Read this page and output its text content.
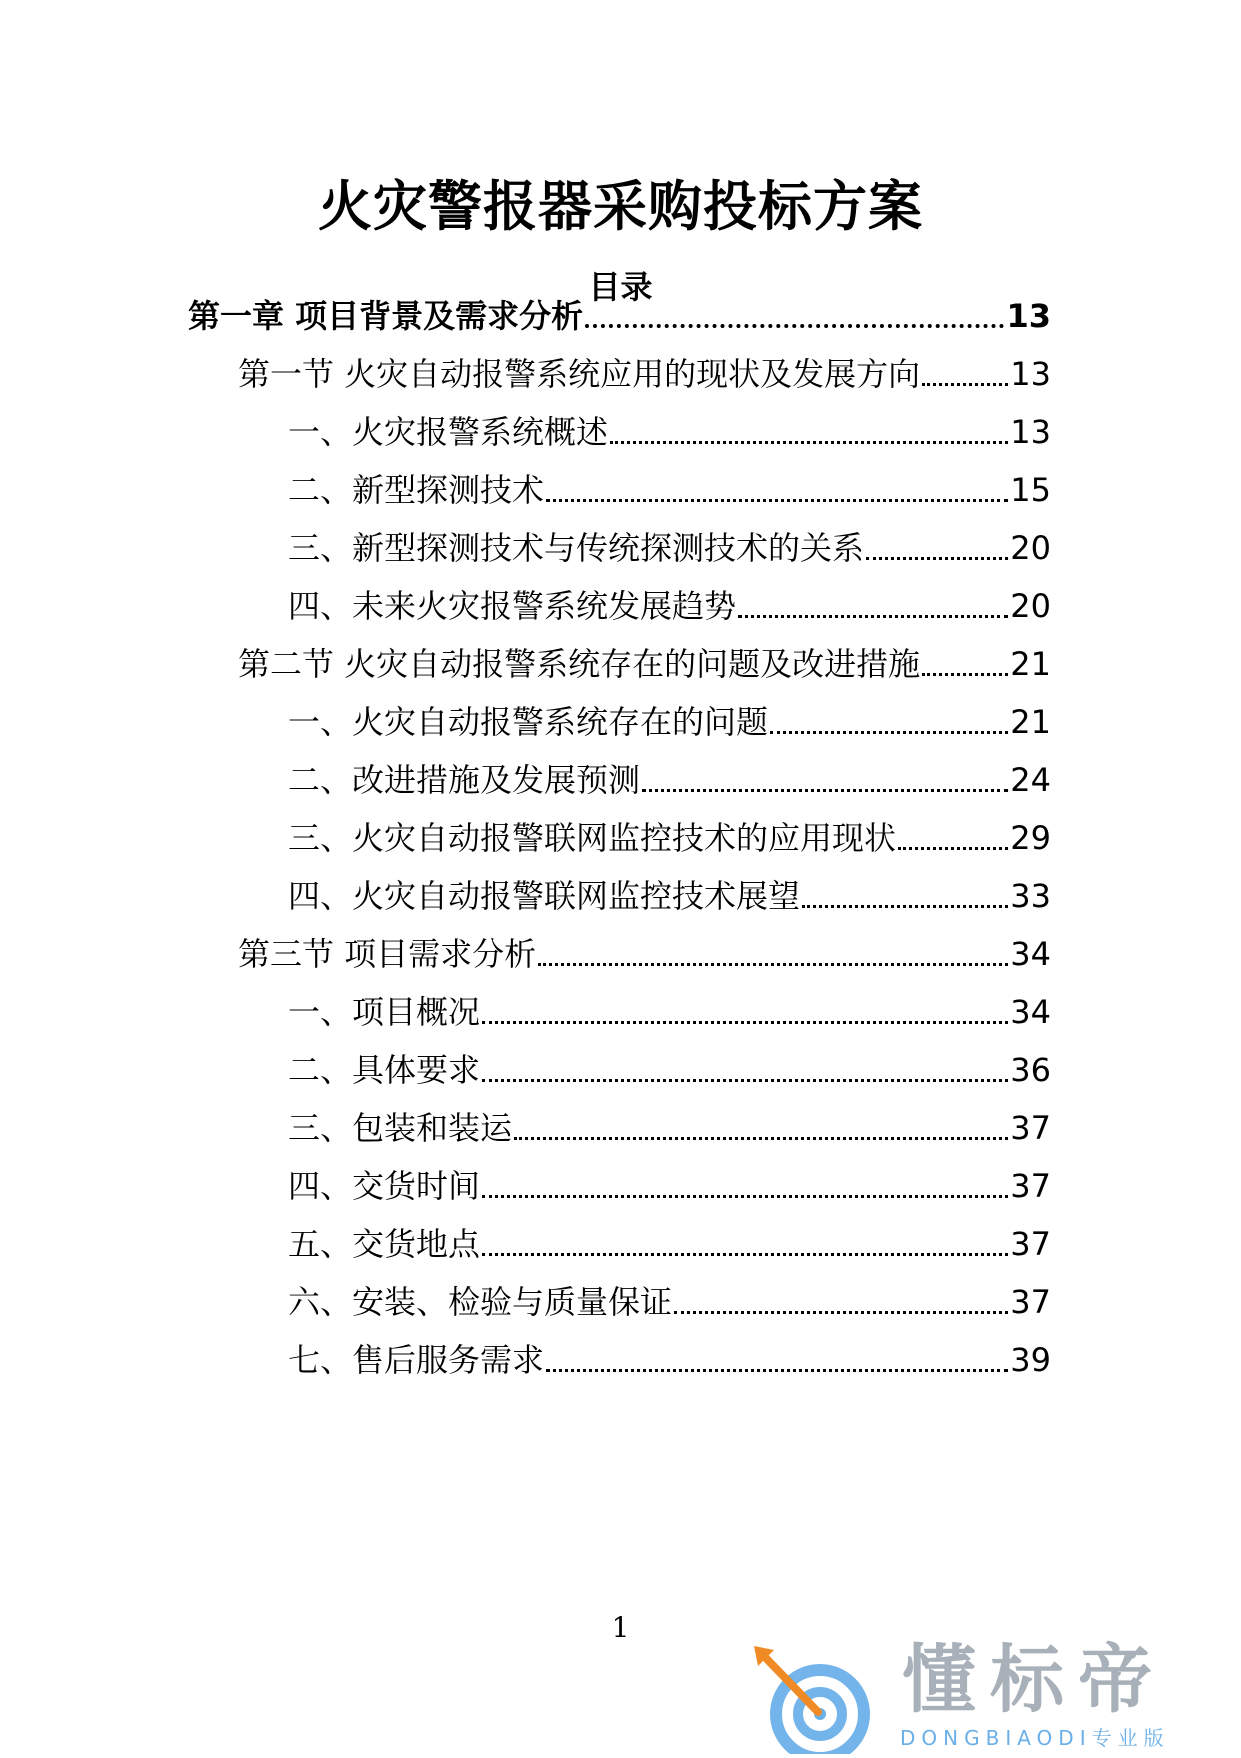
火灾警报器采购投标方案
目录
第一章 项目背景及需求分析	13
第一节 火灾自动报警系统应用的现状及发展方向	13
一、火灾报警系统概述	13
二、新型探测技术	15
三、新型探测技术与传统探测技术的关系	20
四、未来火灾报警系统发展趋势	20
第二节 火灾自动报警系统存在的问题及改进措施	21
一、火灾自动报警系统存在的问题	21
二、改进措施及发展预测	24
三、火灾自动报警联网监控技术的应用现状	29
四、火灾自动报警联网监控技术展望	33
第三节 项目需求分析	34
一、项目概况	34
二、具体要求	36
三、包装和装运	37
四、交货时间	37
五、交货地点	37
六、安装、检验与质量保证	37
七、售后服务需求	39
1
懂标帝
DONGBIAODI专业版
